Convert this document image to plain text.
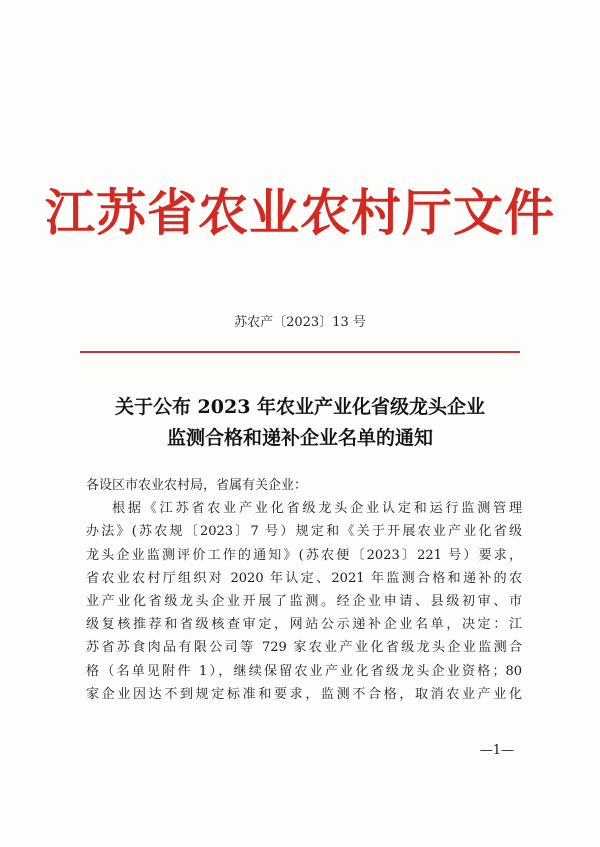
江苏省农业农村厅文件
苏农产〔2023〕13 号
关于公布 2023 年农业产业化省级龙头企业
监测合格和递补企业名单的通知
各设区市农业农村局，省属有关企业：
根据《江苏省农业产业化省级龙头企业认定和运行监测管理
办法》(苏农规〔2023〕7 号）规定和《关于开展农业产业化省级
龙头企业监测评价工作的通知》(苏农便〔2023〕221 号）要求，
省农业农村厅组织对 2020 年认定、2021 年监测合格和递补的农
业产业化省级龙头企业开展了监测。经企业申请、县级初审、市
级复核推荐和省级核查审定，网站公示递补企业名单，决定：江
苏省苏食肉品有限公司等 729 家农业产业化省级龙头企业监测合
格（名单见附件 1），继续保留农业产业化省级龙头企业资格；80
家企业因达不到规定标准和要求，监测不合格，取消农业产业化
—1—
